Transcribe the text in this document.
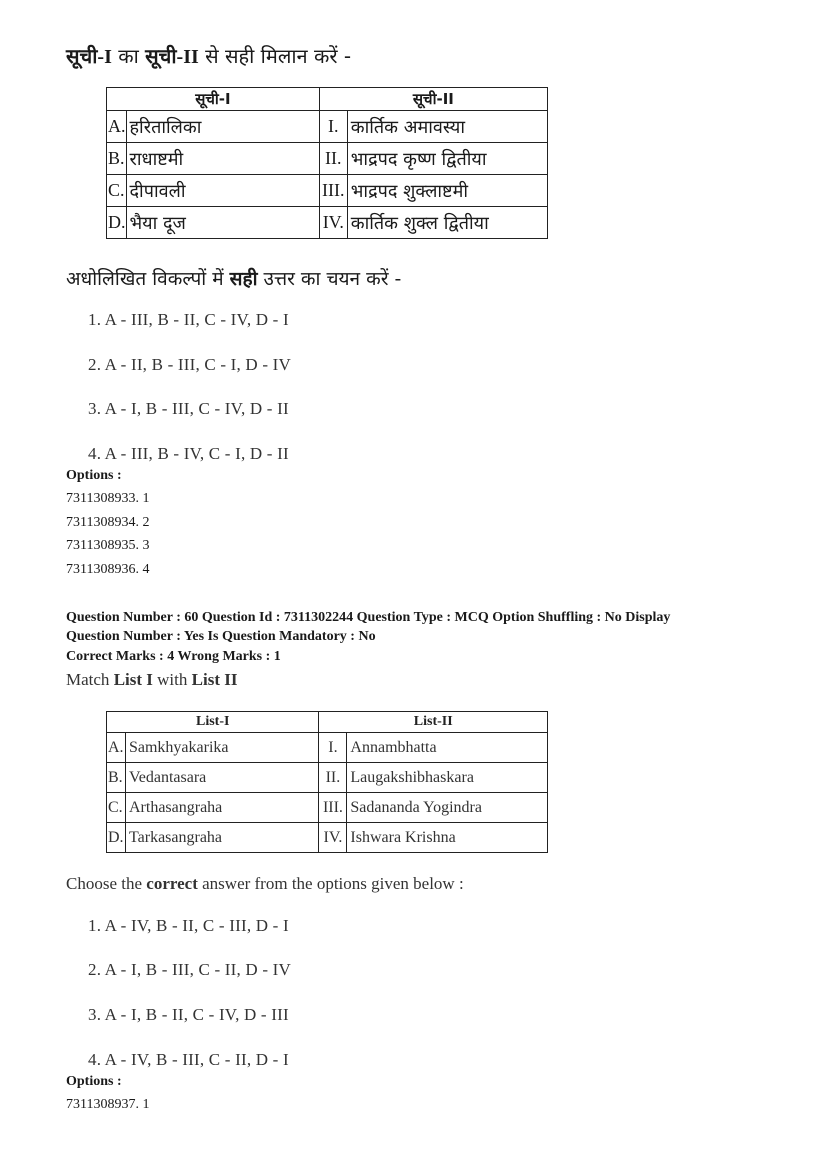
सूची-I का सूची-II से सही मिलान करें -
सूची-I		सूची-II	
A.	हरितालिका	I.	कार्तिक अमावस्या
B.	राधाष्टमी	II.	भाद्रपद कृष्ण द्वितीया
C.	दीपावली	III.	भाद्रपद शुक्लाष्टमी
D.	भैया दूज	IV.	कार्तिक शुक्ल द्वितीया
अधोलिखित विकल्पों में सही उत्तर का चयन करें -
1. A - III, B - II, C - IV, D - I
2. A - II, B - III, C - I, D - IV
3. A - I, B - III, C - IV, D - II
4. A - III, B - IV, C - I, D - II
Options :
7311308933. 1
7311308934. 2
7311308935. 3
7311308936. 4
Question Number : 60 Question Id : 7311302244 Question Type : MCQ Option Shuffling : No Display
Question Number : Yes Is Question Mandatory : No
Correct Marks : 4 Wrong Marks : 1
Match List I with List II
List-I		List-II	
A.	Samkhyakarika	I.	Annambhatta
B.	Vedantasara	II.	Laugakshibhaskara
C.	Arthasangraha	III.	Sadananda Yogindra
D.	Tarkasangraha	IV.	Ishwara Krishna
Choose the correct answer from the options given below :
1. A - IV, B - II, C - III, D - I
2. A - I, B - III, C - II, D - IV
3. A - I, B - II, C - IV, D - III
4. A - IV, B - III, C - II, D - I
Options :
7311308937. 1
